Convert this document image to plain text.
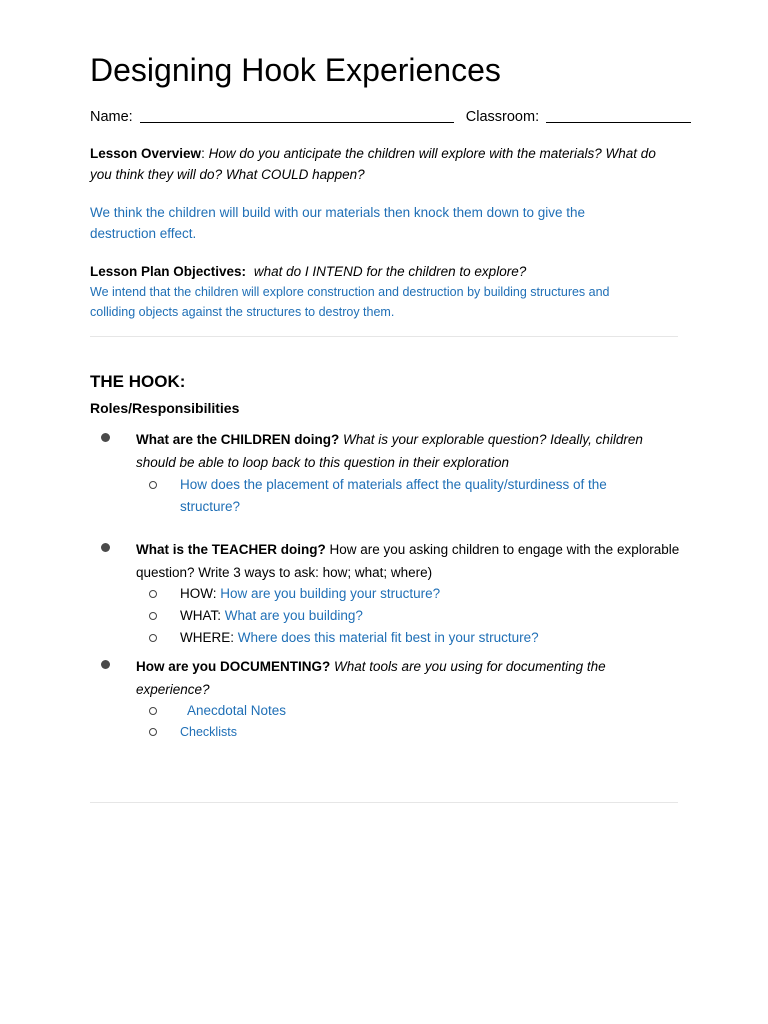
Designing Hook Experiences
Name:	Classroom:
Lesson Overview: How do you anticipate the children will explore with the materials? What do
you think they will do? What COULD happen?
We think the children will build with our materials then knock them down to give the
destruction effect.
Lesson Plan Objectives: what do I INTEND for the children to explore?
We intend that the children will explore construction and destruction by building structures and
colliding objects against the structures to destroy them.
THE HOOK:
Roles/Responsibilities
What are the CHILDREN doing? What is your explorable question? Ideally, children
should be able to loop back to this question in their exploration
How does the placement of materials affect the quality/sturdiness of the
structure?
What is the TEACHER doing? How are you asking children to engage with the explorable
question? Write 3 ways to ask: how; what; where)
HOW: How are you building your structure?
WHAT: What are you building?
WHERE: Where does this material fit best in your structure?
How are you DOCUMENTING? What tools are you using for documenting the
experience?
Anecdotal Notes
Checklists
